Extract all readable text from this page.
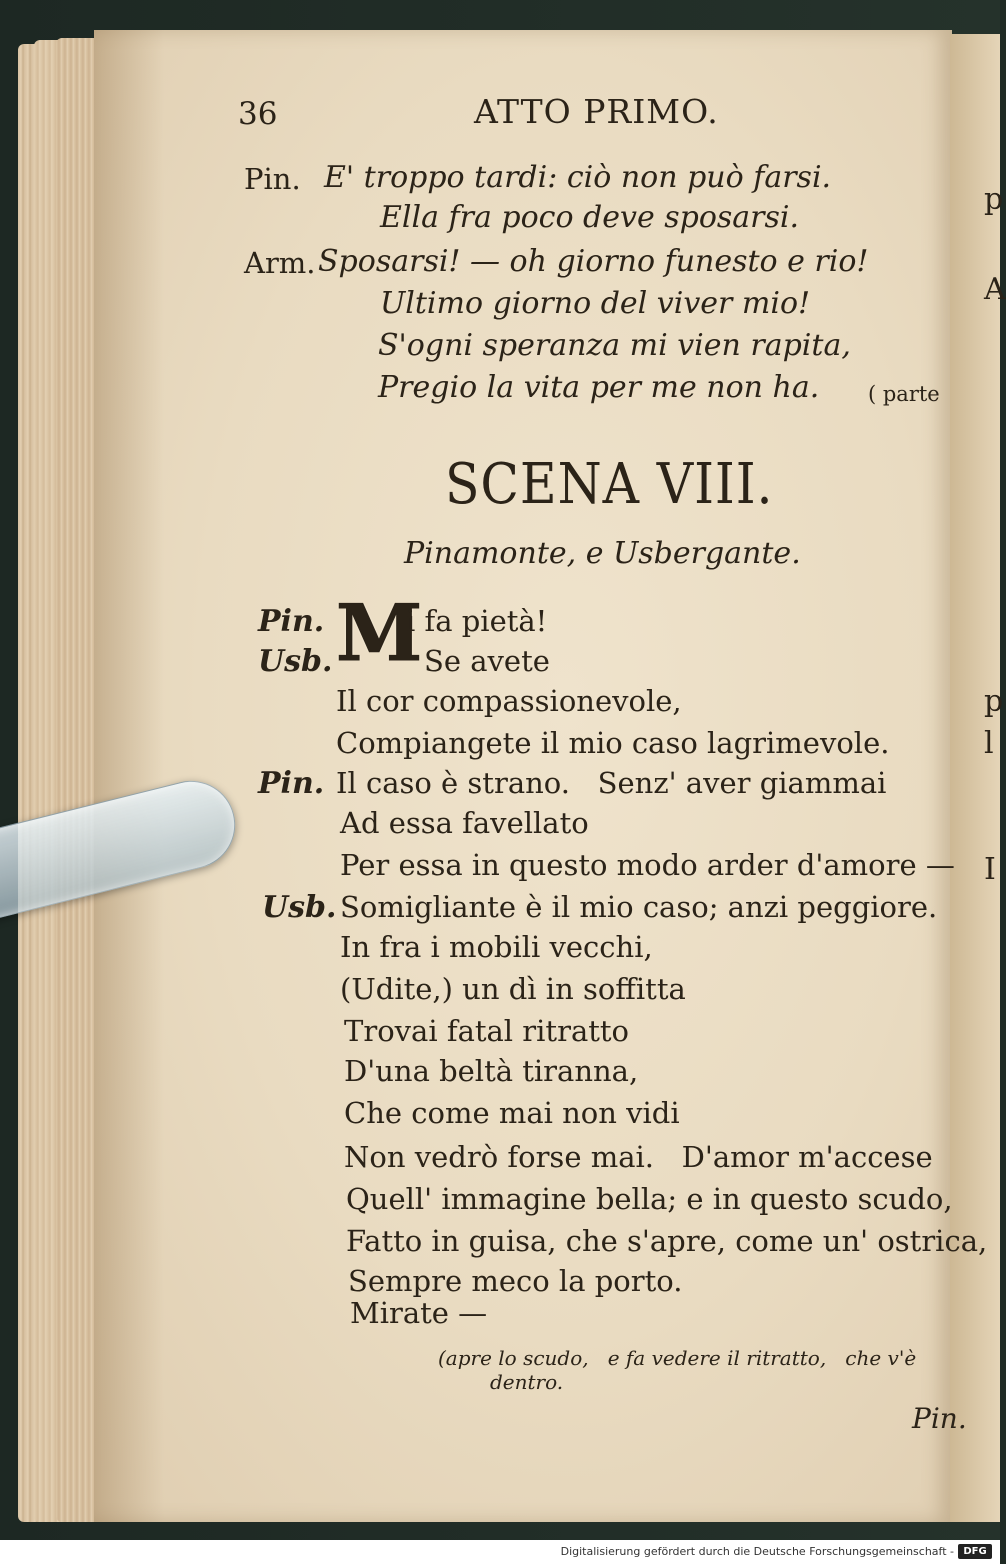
p
A
p
l
I
36	ATTO PRIMO.
Pin. E' troppo tardi: ciò non può farsi.
Ella fra poco deve sposarsi.
Arm. Sposarsi! — oh giorno funesto e rio!
Ultimo giorno del viver mio!
S'ogni speranza mi vien rapita,
Pregio la vita per me non ha. ( parte
SCENA VIII.
Pinamonte, e Usbergante.
Pin.
Usb. M
i fa pietà!
Se avete
Il cor compassionevole,
Compiangete il mio caso lagrimevole.
Pin. Il caso è strano.   Senz' aver giammai
Ad essa favellato
Per essa in questo modo arder d'amore —
Usb. Somigliante è il mio caso; anzi peggiore.
In fra i mobili vecchi,
(Udite,) un dì in soffitta
Trovai fatal ritratto
D'una beltà tiranna,
Che come mai non vidi
Non vedrò forse mai.   D'amor m'accese
Quell' immagine bella; e in questo scudo,
Fatto in guisa, che s'apre, come un' ostrica,
Sempre meco la porto.
Mirate —
(apre lo scudo,   e fa vedere il ritratto,   che v'è
dentro.
Pin.
Digitalisierung gefördert durch die Deutsche Forschungsgemeinschaft - DFG
